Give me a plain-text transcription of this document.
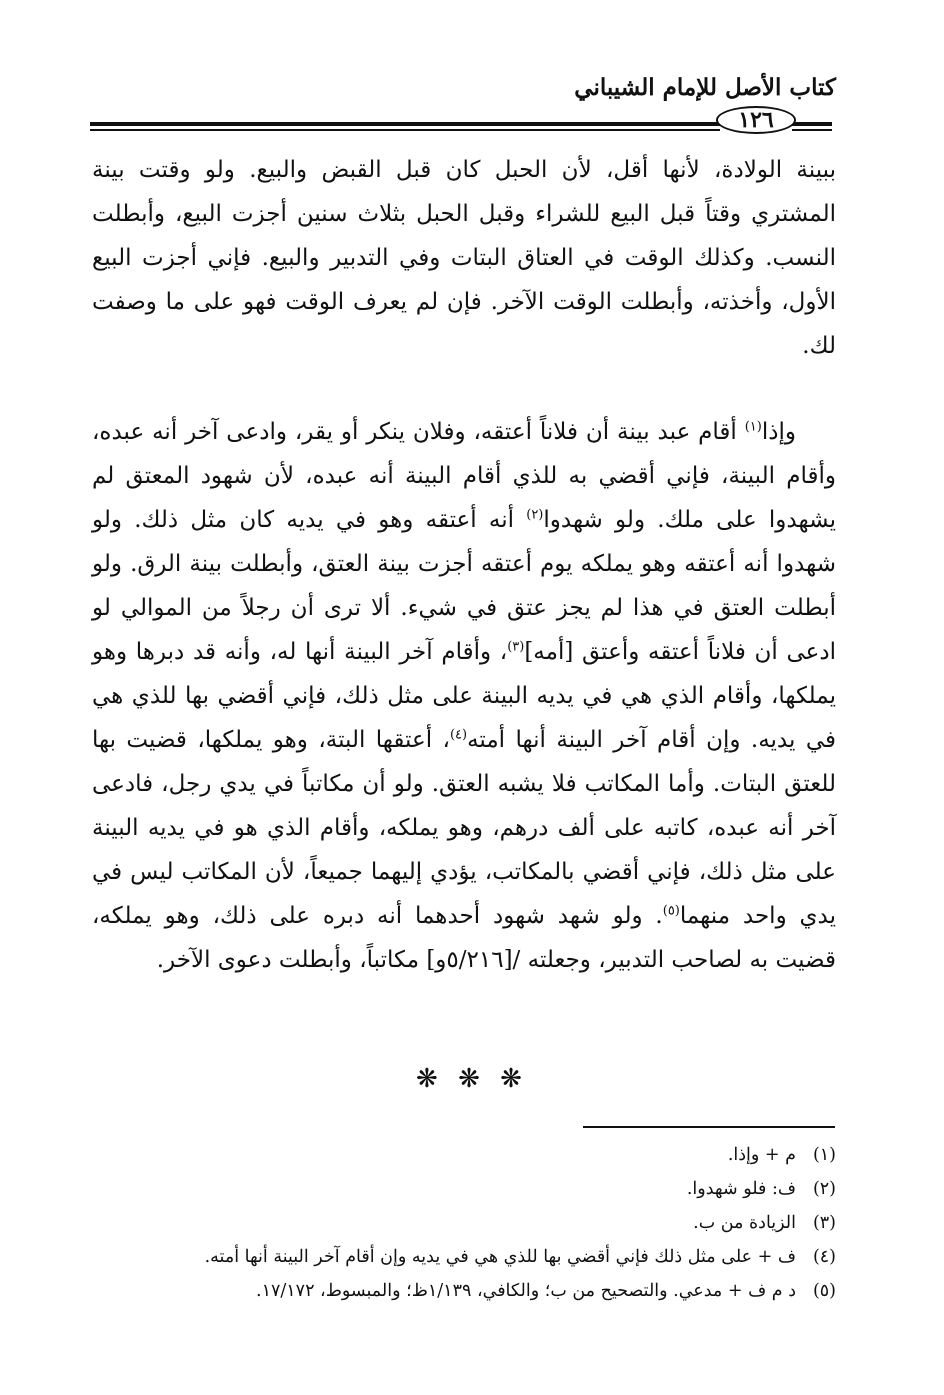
كتاب الأصل للإمام الشيباني
١٢٦

ببينة الولادة، لأنها أقل، لأن الحبل كان قبل القبض والبيع. ولو وقتت بينة المشتري وقتاً قبل البيع للشراء وقبل الحبل بثلاث سنين أجزت البيع، وأبطلت النسب. وكذلك الوقت في العتاق البتات وفي التدبير والبيع. فإني أجزت البيع الأول، وأخذته، وأبطلت الوقت الآخر. فإن لم يعرف الوقت فهو على ما وصفت لك.

وإذا$^{(١)}$ أقام عبد بينة أن فلاناً أعتقه، وفلان ينكر أو يقر، وادعى آخر أنه عبده، وأقام البينة، فإني أقضي به للذي أقام البينة أنه عبده، لأن شهود المعتق لم يشهدوا على ملك. ولو شهدوا$^{(٢)}$ أنه أعتقه وهو في يديه كان مثل ذلك. ولو شهدوا أنه أعتقه وهو يملكه يوم أعتقه أجزت بينة العتق، وأبطلت بينة الرق. ولو أبطلت العتق في هذا لم يجز عتق في شيء. ألا ترى أن رجلاً من الموالي لو ادعى أن فلاناً أعتقه وأعتق [أمه]$^{(٣)}$، وأقام آخر البينة أنها له، وأنه قد دبرها وهو يملكها، وأقام الذي هي في يديه البينة على مثل ذلك، فإني أقضي بها للذي هي في يديه. وإن أقام آخر البينة أنها أمته$^{(٤)}$، أعتقها البتة، وهو يملكها، قضيت بها للعتق البتات. وأما المكاتب فلا يشبه العتق. ولو أن مكاتباً في يدي رجل، فادعى آخر أنه عبده، كاتبه على ألف درهم، وهو يملكه، وأقام الذي هو في يديه البينة على مثل ذلك، فإني أقضي بالمكاتب، يؤدي إليهما جميعاً، لأن المكاتب ليس في يدي واحد منهما$^{(٥)}$. ولو شهد شهود أحدهما أنه دبره على ذلك، وهو يملكه، قضيت به لصاحب التدبير، وجعلته /[٥/٢١٦و] مكاتباً، وأبطلت دعوى الآخر.

❋ ❋ ❋
(١)م + وإذا.
(٢)ف: فلو شهدوا.
(٣)الزيادة من ب.
(٤)ف + على مثل ذلك فإني أقضي بها للذي هي في يديه وإن أقام آخر البينة أنها أمته.
(٥)د م ف + مدعي. والتصحيح من ب؛ والكافي، ١/١٣٩ظ؛ والمبسوط، ١٧/١٧٢.
